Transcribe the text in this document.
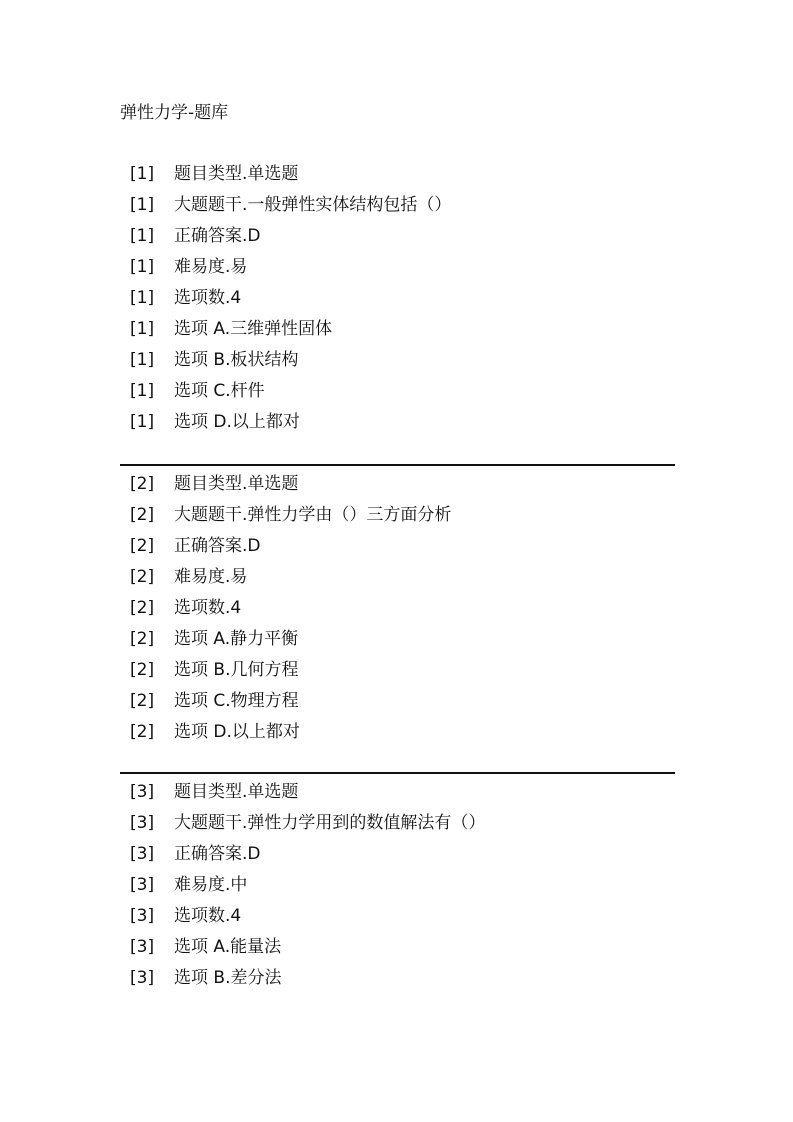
弹性力学-题库
[1] 题目类型.单选题
[1] 大题题干.一般弹性实体结构包括（）
[1] 正确答案.D
[1] 难易度.易
[1] 选项数.4
[1] 选项 A.三维弹性固体
[1] 选项 B.板状结构
[1] 选项 C.杆件
[1] 选项 D.以上都对
[2] 题目类型.单选题
[2] 大题题干.弹性力学由（）三方面分析
[2] 正确答案.D
[2] 难易度.易
[2] 选项数.4
[2] 选项 A.静力平衡
[2] 选项 B.几何方程
[2] 选项 C.物理方程
[2] 选项 D.以上都对
[3] 题目类型.单选题
[3] 大题题干.弹性力学用到的数值解法有（）
[3] 正确答案.D
[3] 难易度.中
[3] 选项数.4
[3] 选项 A.能量法
[3] 选项 B.差分法
